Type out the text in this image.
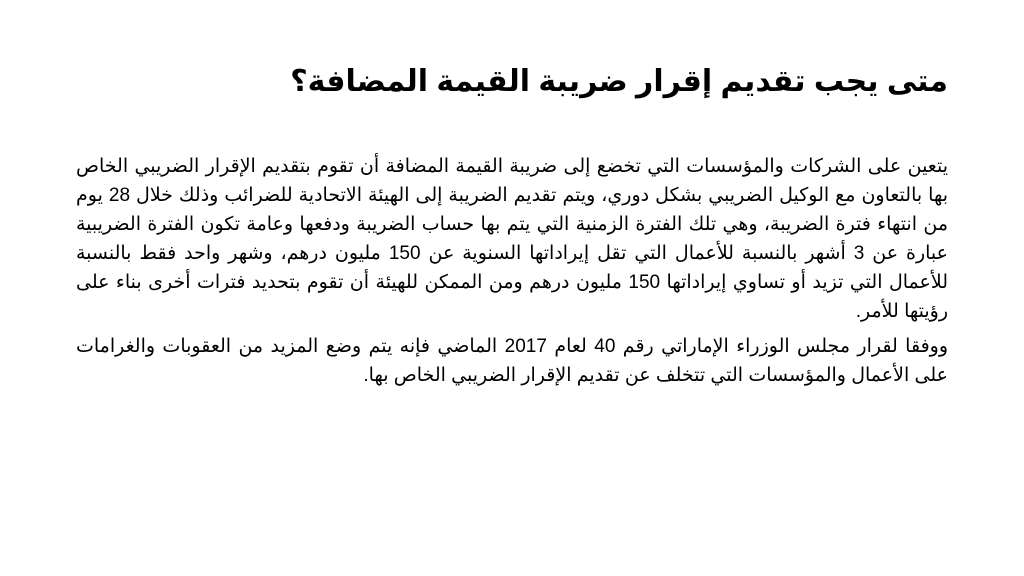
متى يجب تقديم إقرار ضريبة القيمة المضافة؟

يتعين على الشركات والمؤسسات التي تخضع إلى ضريبة القيمة المضافة أن تقوم بتقديم الإقرار الضريبي الخاص بها بالتعاون مع الوكيل الضريبي بشكل دوري، ويتم تقديم الضريبة إلى الهيئة الاتحادية للضرائب وذلك خلال 28 يوم من انتهاء فترة الضريبة، وهي تلك الفترة الزمنية التي يتم بها حساب الضريبة ودفعها وعامة تكون الفترة الضريبية عبارة عن 3 أشهر بالنسبة للأعمال التي تقل إيراداتها السنوية عن 150 مليون درهم، وشهر واحد فقط بالنسبة للأعمال التي تزيد أو تساوي إيراداتها 150 مليون درهم ومن الممكن للهيئة أن تقوم بتحديد فترات أخرى بناء على رؤيتها للأمر.

ووفقا لقرار مجلس الوزراء الإماراتي رقم 40 لعام 2017 الماضي فإنه يتم وضع المزيد من العقوبات والغرامات على الأعمال والمؤسسات التي تتخلف عن تقديم الإقرار الضريبي الخاص بها.
